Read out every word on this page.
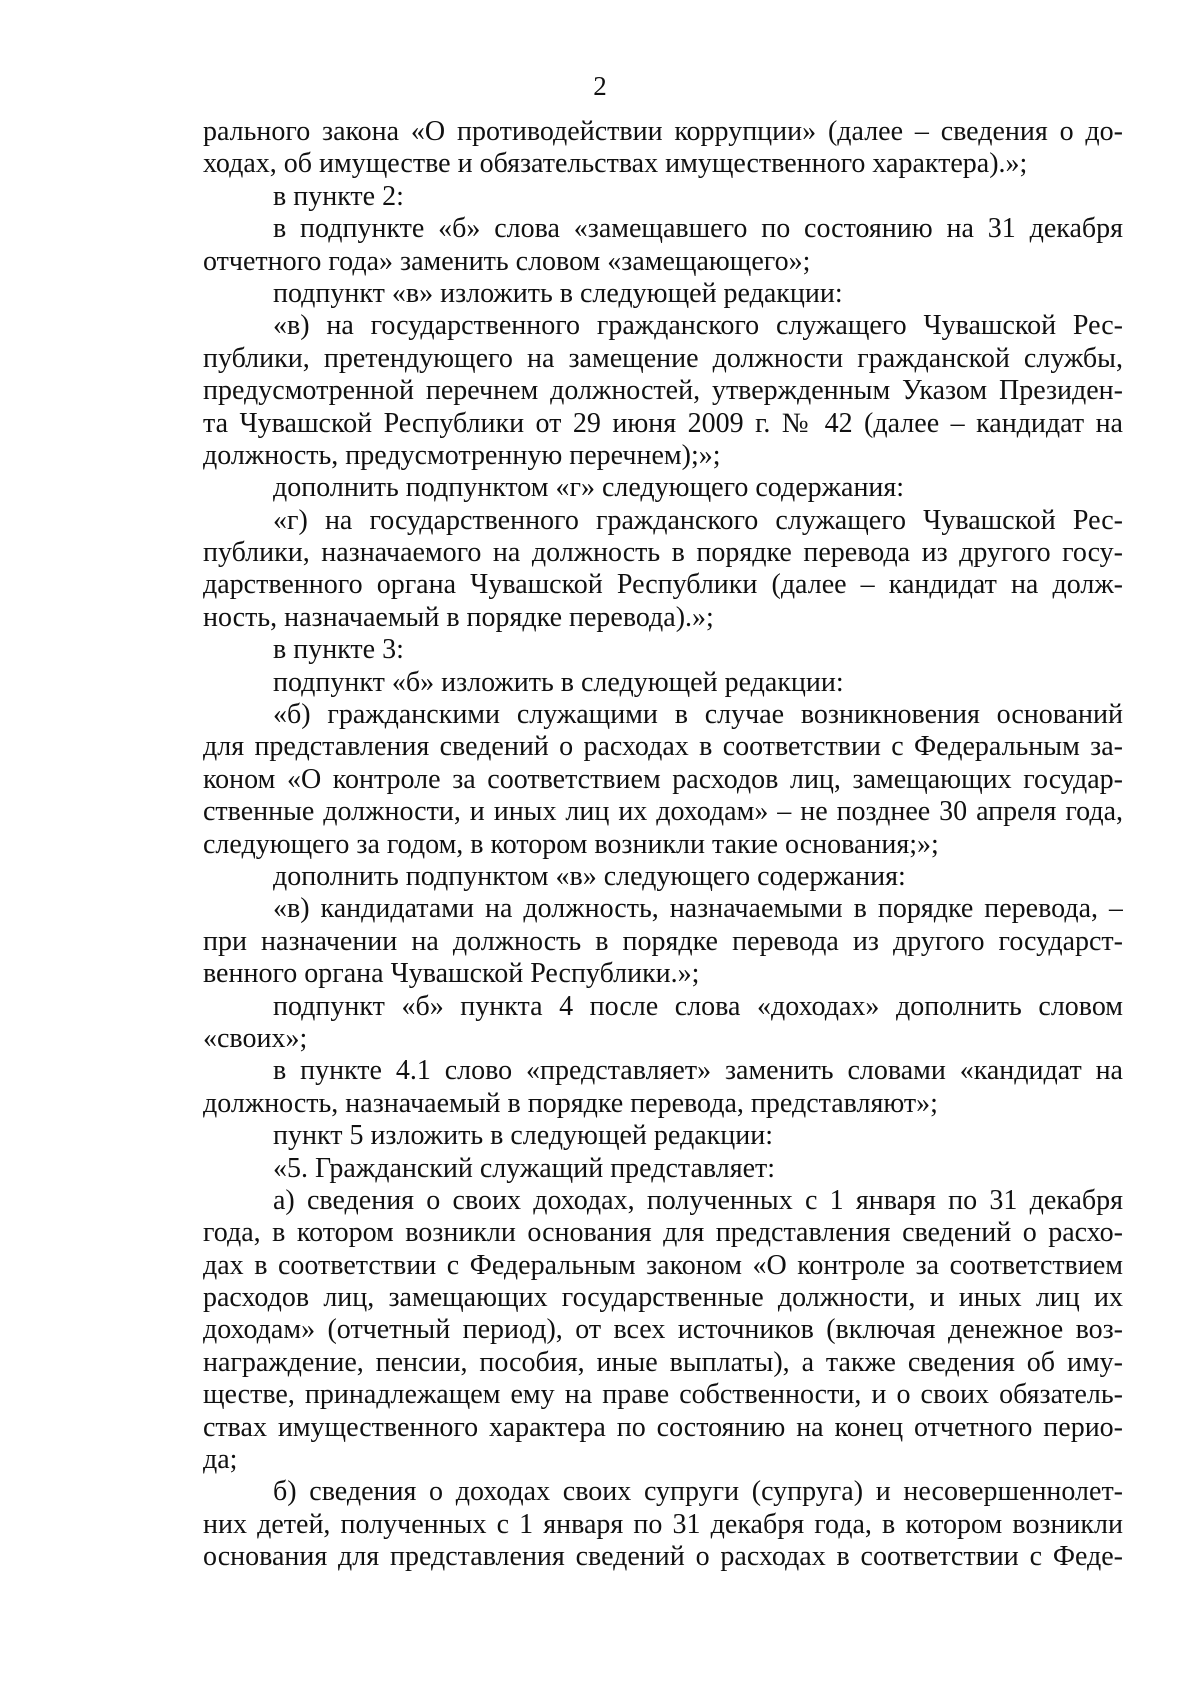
2
рального закона «О противодействии коррупции» (далее – сведения о до-
ходах, об имуществе и обязательствах имущественного характера).»;
в пункте 2:
в подпункте «б» слова «замещавшего по состоянию на 31 декабря
отчетного года» заменить словом «замещающего»;
подпункт «в» изложить в следующей редакции:
«в) на государственного гражданского служащего Чувашской Рес-
публики, претендующего на замещение должности гражданской службы,
предусмотренной перечнем должностей, утвержденным Указом Президен-
та Чувашской Республики от 29 июня 2009 г. № 42 (далее – кандидат на
должность, предусмотренную перечнем);»;
дополнить подпунктом «г» следующего содержания:
«г) на государственного гражданского служащего Чувашской Рес-
публики, назначаемого на должность в порядке перевода из другого госу-
дарственного органа Чувашской Республики (далее – кандидат на долж-
ность, назначаемый в порядке перевода).»;
в пункте 3:
подпункт «б» изложить в следующей редакции:
«б) гражданскими служащими в случае возникновения оснований
для представления сведений о расходах в соответствии с Федеральным за-
коном «О контроле за соответствием расходов лиц, замещающих государ-
ственные должности, и иных лиц их доходам» – не позднее 30 апреля года,
следующего за годом, в котором возникли такие основания;»;
дополнить подпунктом «в» следующего содержания:
«в) кандидатами на должность, назначаемыми в порядке перевода, –
при назначении на должность в порядке перевода из другого государст-
венного органа Чувашской Республики.»;
подпункт «б» пункта 4 после слова «доходах» дополнить словом
«своих»;
в пункте 4.1 слово «представляет» заменить словами «кандидат на
должность, назначаемый в порядке перевода, представляют»;
пункт 5 изложить в следующей редакции:
«5. Гражданский служащий представляет:
а) сведения о своих доходах, полученных с 1 января по 31 декабря
года, в котором возникли основания для представления сведений о расхо-
дах в соответствии с Федеральным законом «О контроле за соответствием
расходов лиц, замещающих государственные должности, и иных лиц их
доходам» (отчетный период), от всех источников (включая денежное воз-
награждение, пенсии, пособия, иные выплаты), а также сведения об иму-
ществе, принадлежащем ему на праве собственности, и о своих обязатель-
ствах имущественного характера по состоянию на конец отчетного перио-
да;
б) сведения о доходах своих супруги (супруга) и несовершеннолет-
них детей, полученных с 1 января по 31 декабря года, в котором возникли
основания для представления сведений о расходах в соответствии с Феде-
